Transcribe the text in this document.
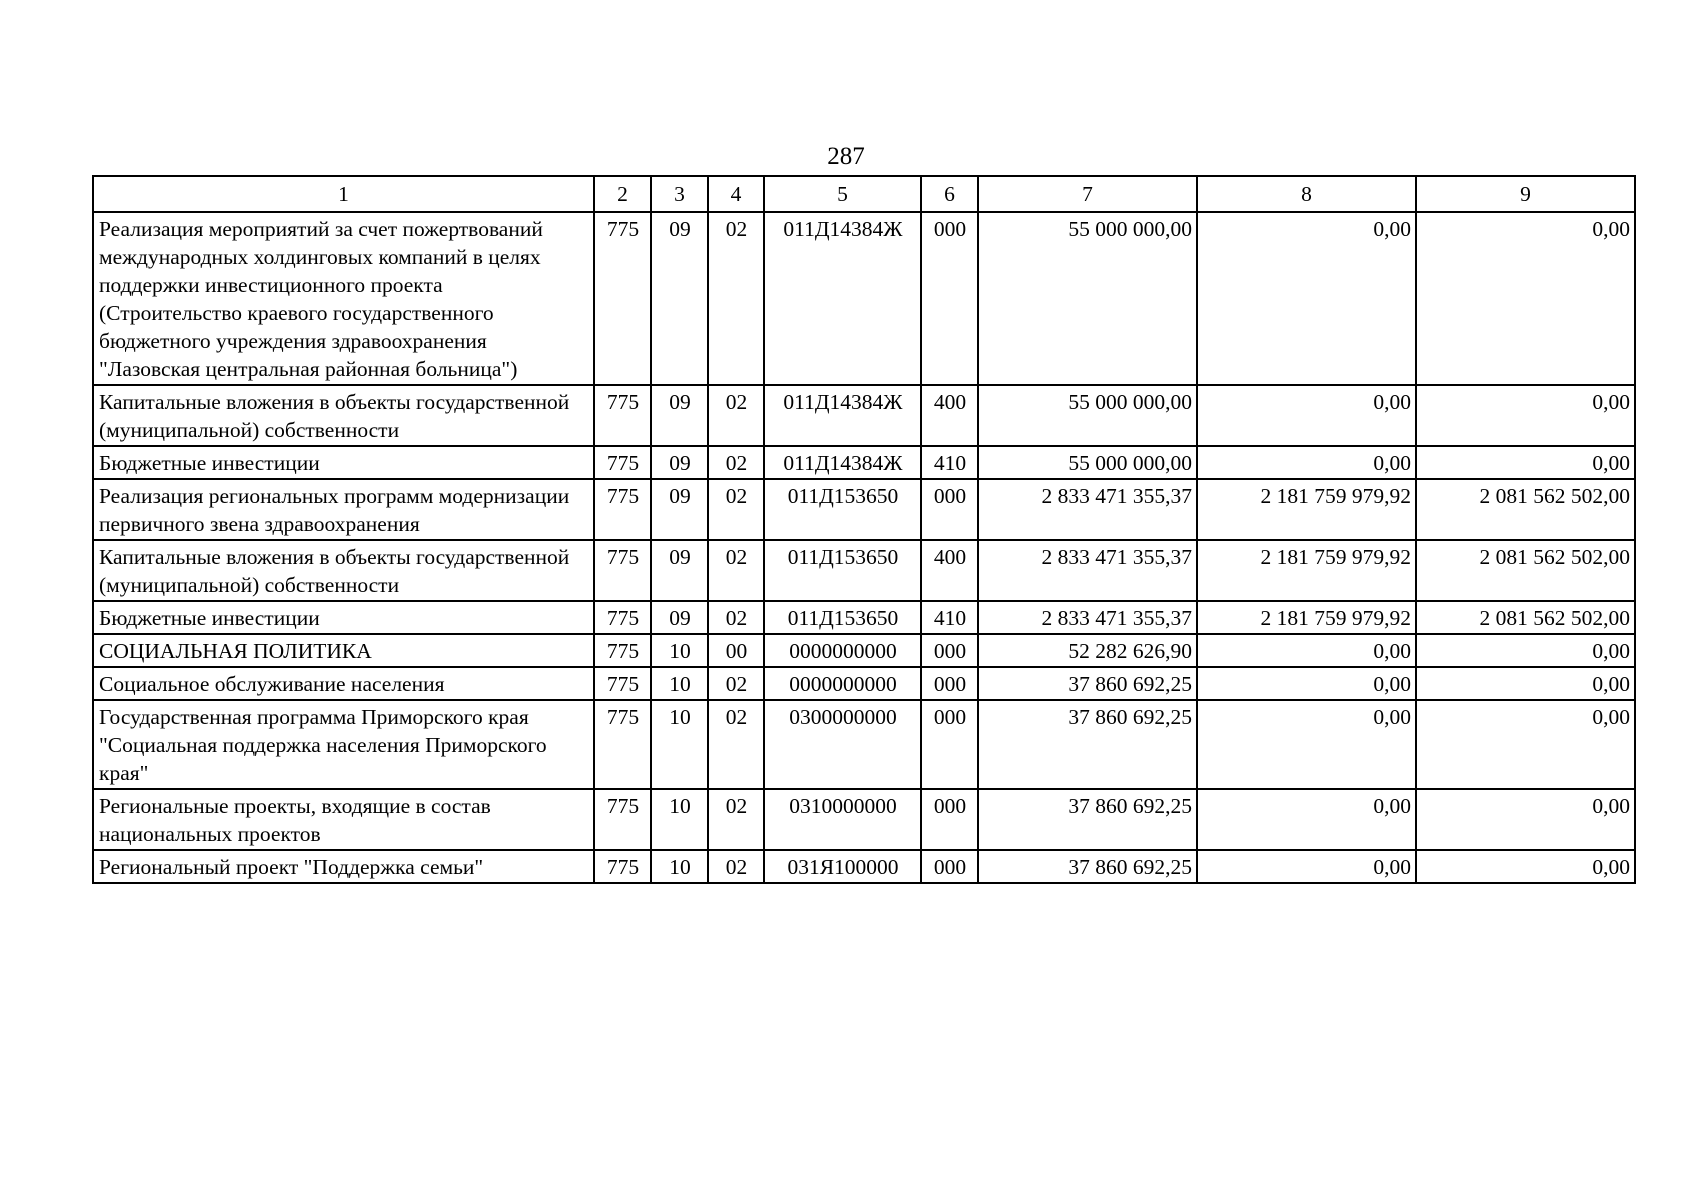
287
1	2	3	4	5	6	7	8	9
Реализация мероприятий за счет пожертвований международных холдинговых компаний в целях поддержки инвестиционного проекта (Строительство краевого государственного бюджетного учреждения здравоохранения "Лазовская центральная районная больница")	775	09	02	011Д14384Ж	000	55 000 000,00	0,00	0,00
Капитальные вложения в объекты государственной (муниципальной) собственности	775	09	02	011Д14384Ж	400	55 000 000,00	0,00	0,00
Бюджетные инвестиции	775	09	02	011Д14384Ж	410	55 000 000,00	0,00	0,00
Реализация региональных программ модернизации первичного звена здравоохранения	775	09	02	011Д153650	000	2 833 471 355,37	2 181 759 979,92	2 081 562 502,00
Капитальные вложения в объекты государственной (муниципальной) собственности	775	09	02	011Д153650	400	2 833 471 355,37	2 181 759 979,92	2 081 562 502,00
Бюджетные инвестиции	775	09	02	011Д153650	410	2 833 471 355,37	2 181 759 979,92	2 081 562 502,00
СОЦИАЛЬНАЯ ПОЛИТИКА	775	10	00	0000000000	000	52 282 626,90	0,00	0,00
Социальное обслуживание населения	775	10	02	0000000000	000	37 860 692,25	0,00	0,00
Государственная программа Приморского края "Социальная поддержка населения Приморского края"	775	10	02	0300000000	000	37 860 692,25	0,00	0,00
Региональные проекты, входящие в состав национальных проектов	775	10	02	0310000000	000	37 860 692,25	0,00	0,00
Региональный проект "Поддержка семьи"	775	10	02	031Я100000	000	37 860 692,25	0,00	0,00
